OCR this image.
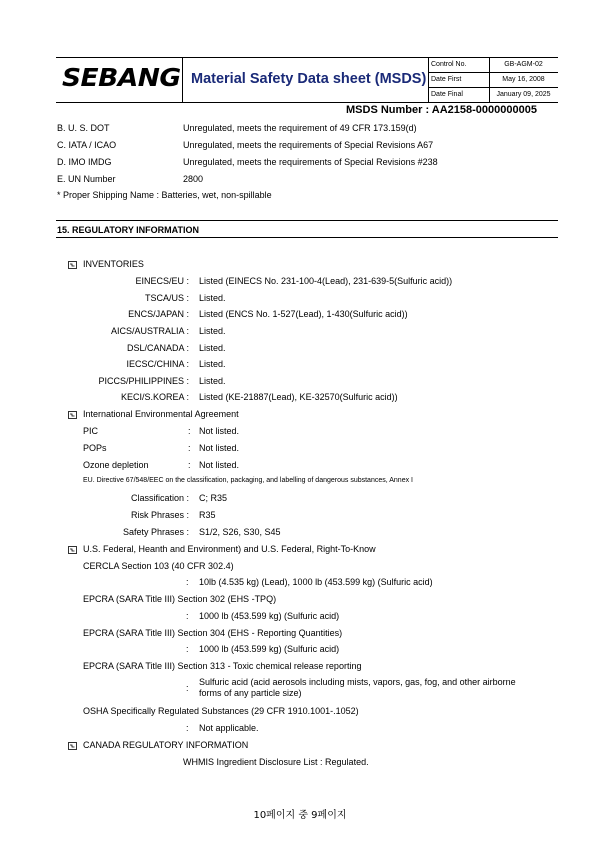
SEBANG Material Safety Data sheet (MSDS)
Control No.	GB-AGM-02
Date First	May 16, 2008
Date Final	January 09, 2025
MSDS Number : AA2158-0000000005
B. U. S. DOT	Unregulated, meets the requirement of 49 CFR 173.159(d)
C. IATA / ICAO	Unregulated, meets the requirements of Special Revisions A67
D. IMO IMDG	Unregulated, meets the requirements of Special Revisions #238
E. UN Number	2800
* Proper Shipping Name : Batteries, wet, non-spillable
15. REGULATORY INFORMATION
INVENTORIES
EINECS/EU : Listed (EINECS No. 231-100-4(Lead), 231-639-5(Sulfuric acid))
TSCA/US : Listed.
ENCS/JAPAN : Listed (ENCS No. 1-527(Lead), 1-430(Sulfuric acid))
AICS/AUSTRALIA : Listed.
DSL/CANADA : Listed.
IECSC/CHINA : Listed.
PICCS/PHILIPPINES : Listed.
KECI/S.KOREA : Listed (KE-21887(Lead), KE-32570(Sulfuric acid))
International Environmental Agreement
PIC	: Not listed.
POPs	: Not listed.
Ozone depletion	: Not listed.
EU. Directive 67/548/EEC on the classification, packaging, and labelling of dangerous substances, Annex I
Classification : C; R35
Risk Phrases : R35
Safety Phrases : S1/2, S26, S30, S45
U.S. Federal, Heanth and Environment) and U.S. Federal, Right-To-Know
CERCLA Section 103 (40 CFR 302.4)
: 10lb (4.535 kg) (Lead), 1000 lb (453.599 kg) (Sulfuric acid)
EPCRA (SARA Title III) Section 302 (EHS -TPQ)
: 1000 lb (453.599 kg) (Sulfuric acid)
EPCRA (SARA Title III) Section 304 (EHS - Reporting Quantities)
: 1000 lb (453.599 kg) (Sulfuric acid)
EPCRA (SARA Title III) Section 313 - Toxic chemical release reporting
:
Sulfuric acid (acid aerosols including mists, vapors, gas, fog, and other airborne
forms of any particle size)
OSHA Specifically Regulated Substances (29 CFR 1910.1001-.1052)
: Not applicable.
CANADA REGULATORY INFORMATION
WHMIS Ingredient Disclosure List : Regulated.
10페이지 중 9페이지
